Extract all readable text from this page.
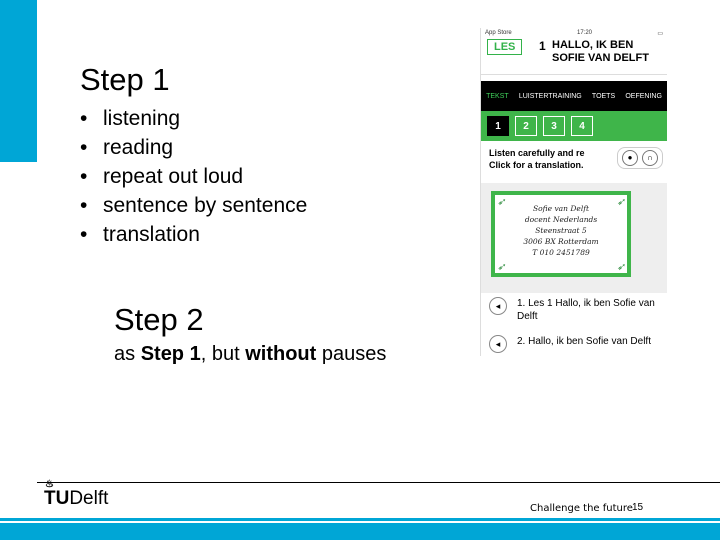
Step 1
• listening
• reading
• repeat out loud
• sentence by sentence
• translation
Step 2
as Step 1, but without pauses
App Store	17:20	▭
LES	1 HALLO, IK BEN
SOFIE VAN DELFT
TEKST LUISTERTRAINING TOETS OEFENING
1	2	3	4
Listen carefully and re
Click for a translation.
●	∩
Sofie van Delft
docent Nederlands
Steenstraat 5
3006 BX Rotterdam
T 010 2451789
➶	➶
➶	➶
◂	1. Les 1 Hallo, ik ben Sofie van Delft
◂	2. Hallo, ik ben Sofie van Delft
♨
TUDelft	Challenge the future 15
